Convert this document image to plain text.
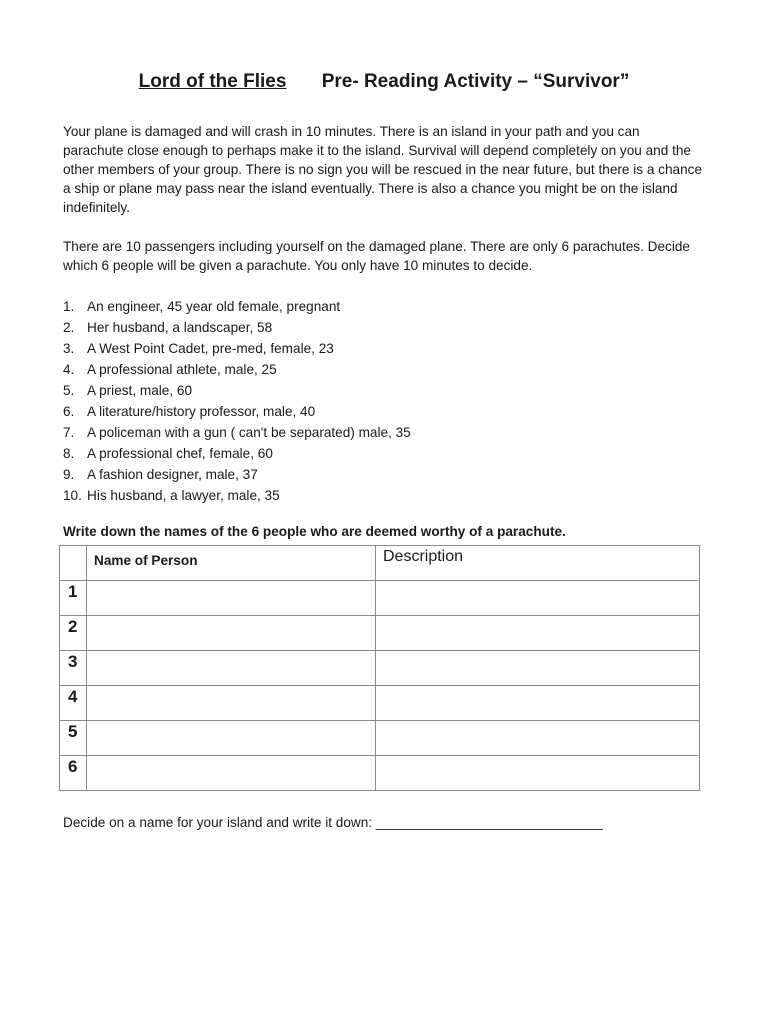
Lord of the Flies Pre- Reading Activity – “Survivor”
Your plane is damaged and will crash in 10 minutes. There is an island in your path and you can parachute close enough to perhaps make it to the island. Survival will depend completely on you and the other members of your group. There is no sign you will be rescued in the near future, but there is a chance a ship or plane may pass near the island eventually. There is also a chance you might be on the island indefinitely.
There are 10 passengers including yourself on the damaged plane. There are only 6 parachutes. Decide which 6 people will be given a parachute. You only have 10 minutes to decide.
1. An engineer, 45 year old female, pregnant
2. Her husband, a landscaper, 58
3. A West Point Cadet, pre-med, female, 23
4. A professional athlete, male, 25
5. A priest, male, 60
6. A literature/history professor, male, 40
7. A policeman with a gun ( can't be separated) male, 35
8. A professional chef, female, 60
9. A fashion designer, male, 37
10. His husband, a lawyer, male, 35
Write down the names of the 6 people who are deemed worthy of a parachute.

	Name of Person	Description

1		

2		

3		

4		

5		

6		

Decide on a name for your island and write it down: ______________________________
